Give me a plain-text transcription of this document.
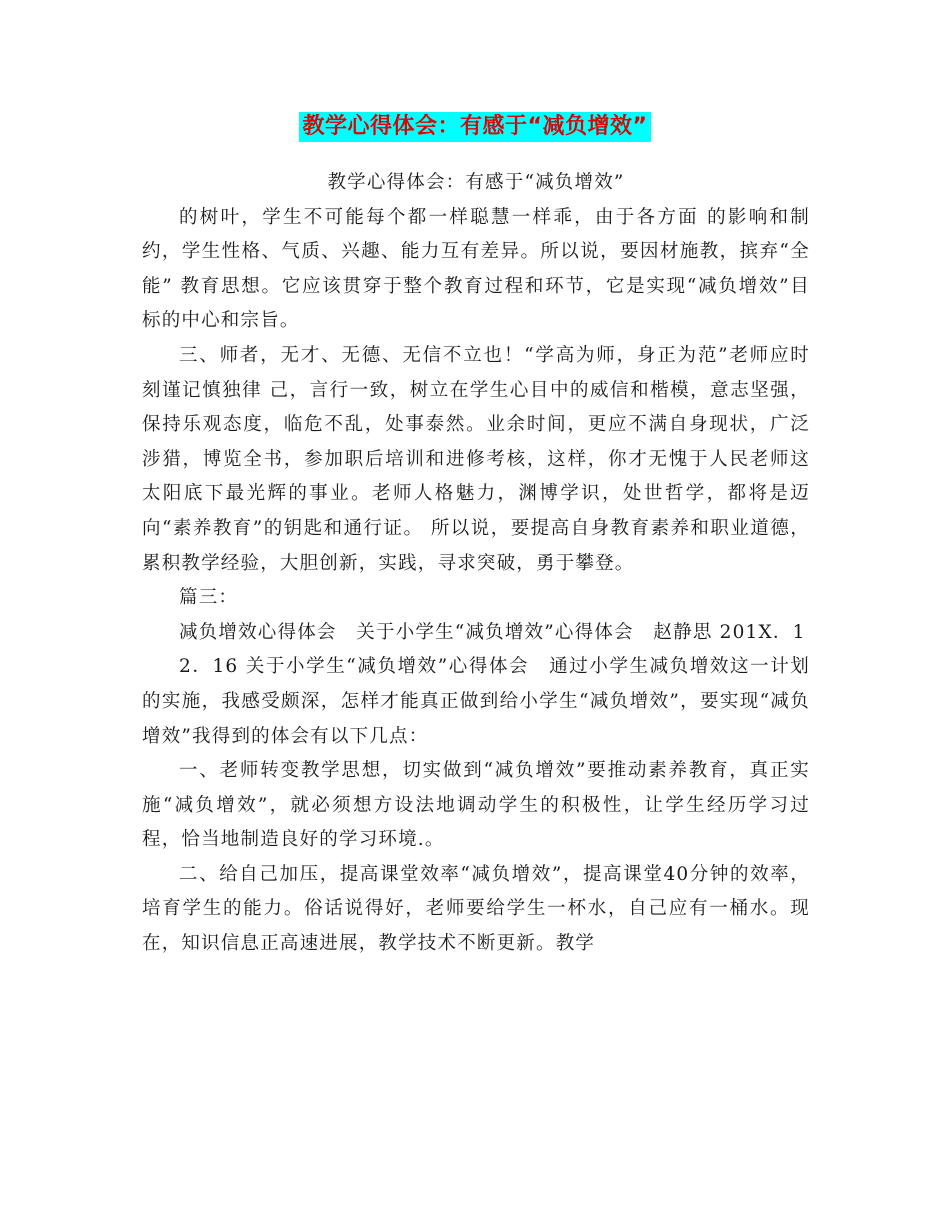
教学心得体会：有感于“减负增效”

教学心得体会：有感于“减负增效”

的树叶，学生不可能每个都一样聪慧一样乖，由于各方面 的影响和制约，学生性格、气质、兴趣、能力互有差异。所以说，要因材施教，摈弃“全能” 教育思想。它应该贯穿于整个教育过程和环节，它是实现“减负增效”目标的中心和宗旨。

三、师者，无才、无德、无信不立也！“学高为师，身正为范”老师应时刻谨记慎独律 己，言行一致，树立在学生心目中的威信和楷模，意志坚强，保持乐观态度，临危不乱，处事泰然。业余时间，更应不满自身现状，广泛涉猎，博览全书，参加职后培训和进修考核，这样，你才无愧于人民老师这太阳底下最光辉的事业。老师人格魅力，渊博学识，处世哲学，都将是迈向“素养教育”的钥匙和通行证。 所以说，要提高自身教育素养和职业道德，累积教学经验，大胆创新，实践，寻求突破，勇于攀登。

篇三：

减负增效心得体会　关于小学生“减负增效”心得体会　赵静思 201X．1

2．16 关于小学生“减负增效”心得体会　通过小学生减负增效这一计划的实施，我感受颇深，怎样才能真正做到给小学生“减负增效”，要实现“减负增效”我得到的体会有以下几点：

一、老师转变教学思想，切实做到“减负增效”要推动素养教育，真正实施“减负增效”，就必须想方设法地调动学生的积极性，让学生经历学习过程，恰当地制造良好的学习环境.。

二、给自己加压，提高课堂效率“减负增效”，提高课堂40分钟的效率，培育学生的能力。俗话说得好，老师要给学生一杯水，自己应有一桶水。现在，知识信息正高速进展，教学技术不断更新。教学
